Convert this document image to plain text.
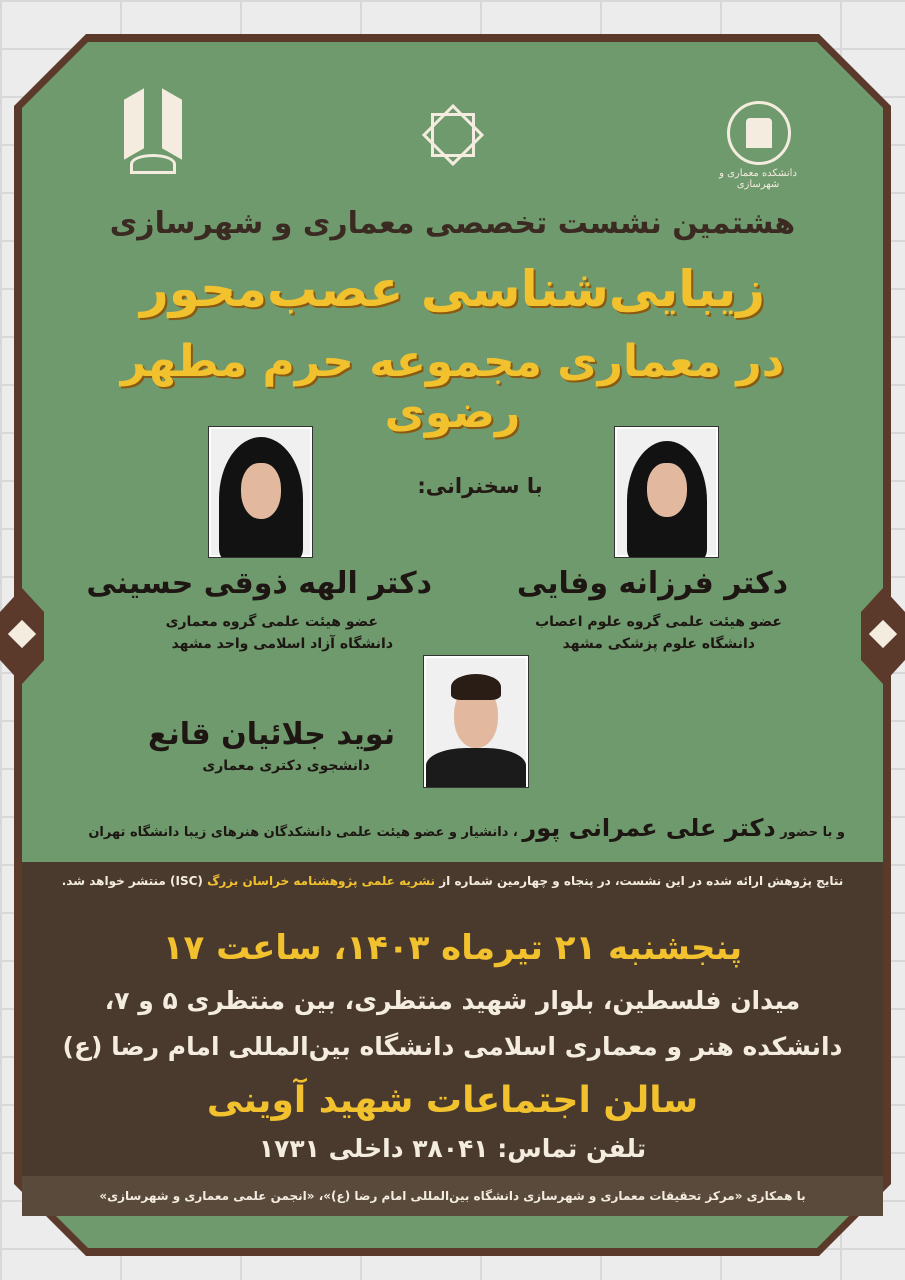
دانشکده معماری و شهرسازی
هشتمین نشست تخصصی معماری و شهرسازی
زیبایی‌شناسی عصب‌محور
در معماری مجموعه حرم مطهر رضوی
با سخنرانی:
دکتر فرزانه وفایی
عضو هیئت علمی گروه علوم اعصاب
دانشگاه علوم پزشکی مشهد
دکتر الهه ذوقی حسینی
عضو هیئت علمی گروه معماری
دانشگاه آزاد اسلامی واحد مشهد
نوید جلائیان قانع
دانشجوی دکتری معماری
و با حضور دکتر علی عمرانی پور ، دانشیار و عضو هیئت علمی دانشکدگان هنرهای زیبا دانشگاه تهران
نتایج پژوهش ارائه شده در این نشست، در پنجاه و چهارمین شماره از نشریه علمی پژوهشنامه خراسان بزرگ (ISC) منتشر خواهد شد.
پنجشنبه ۲۱ تیرماه ۱۴۰۳، ساعت ۱۷
میدان فلسطین، بلوار شهید منتظری، بین منتظری ۵ و ۷،
دانشکده هنر و معماری اسلامی دانشگاه بین‌المللی امام رضا (ع)
سالن اجتماعات شهید آوینی
تلفن تماس: ۳۸۰۴۱ داخلی ۱۷۳۱
با همکاری «مرکز تحقیقات معماری و شهرسازی دانشگاه بین‌المللی امام رضا (ع)»، «انجمن علمی معماری و شهرسازی»
